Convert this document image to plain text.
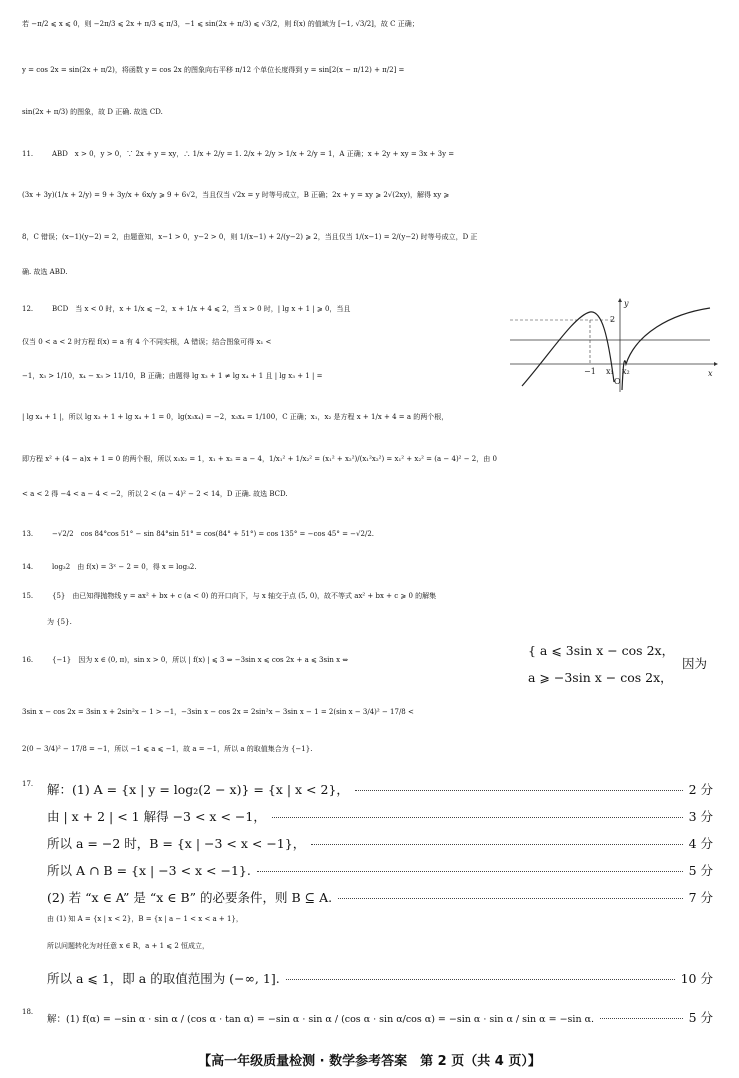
若 −π/2 ⩽ x ⩽ 0，则 −2π/3 ⩽ 2x + π/3 ⩽ π/3，−1 ⩽ sin(2x + π/3) ⩽ √3/2，则 f(x) 的值域为 [−1, √3/2]，故 C 正确；
y = cos 2x = sin(2x + π/2)，将函数 y = cos 2x 的图象向右平移 π/12 个单位长度得到 y = sin[2(x − π/12) + π/2] =
sin(2x + π/3) 的图象，故 D 正确. 故选 CD.
11.	ABD　x > 0，y > 0，∵ 2x + y = xy，∴ 1/x + 2/y = 1. 2/x + 2/y > 1/x + 2/y = 1，A 正确；x + 2y + xy = 3x + 3y =
(3x + 3y)(1/x + 2/y) = 9 + 3y/x + 6x/y ⩾ 9 + 6√2，当且仅当 √2x = y 时等号成立，B 正确；2x + y = xy ⩾ 2√(2xy)，解得 xy ⩾
8，C 错误；(x−1)(y−2) = 2，由题意知，x−1 > 0，y−2 > 0，则 1/(x−1) + 2/(y−2) ⩾ 2，当且仅当 1/(x−1) = 2/(y−2) 时等号成立，D 正
确. 故选 ABD.
12.	BCD　当 x < 0 时，x + 1/x ⩽ −2，x + 1/x + 4 ⩽ 2，当 x > 0 时，| lg x + 1 | ⩾ 0，当且
仅当 0 < a < 2 时方程 f(x) = a 有 4 个不同实根，A 错误；结合图象可得 x₁ <
−1，x₃ > 1/10，x₄ − x₃ > 11/10，B 正确；由题得 lg x₃ + 1 ≠ lg x₄ + 1 且 | lg x₃ + 1 | =
| lg x₄ + 1 |，所以 lg x₃ + 1 + lg x₄ + 1 = 0，lg(x₃x₄) = −2，x₃x₄ = 1/100，C 正确；x₁，x₂ 是方程 x + 1/x + 4 = a 的两个根，
即方程 x² + (4 − a)x + 1 = 0 的两个根，所以 x₁x₂ = 1，x₁ + x₂ = a − 4，1/x₁² + 1/x₂² = (x₁² + x₂²)/(x₁²x₂²) = x₁² + x₂² = (a − 4)² − 2，由 0
< a < 2 得 −4 < a − 4 < −2，所以 2 < (a − 4)² − 2 < 14，D 正确. 故选 BCD.
−1 x₁ x₂
O
2
y
x
13.	−√2/2　cos 84°cos 51° − sin 84°sin 51° = cos(84° + 51°) = cos 135° = −cos 45° = −√2/2.
14.	log₃2　由 f(x) = 3ˣ − 2 = 0，得 x = log₃2.
15.	{5}　由已知得抛物线 y = ax² + bx + c (a < 0) 的开口向下，与 x 轴交于点 (5, 0)，故不等式 ax² + bx + c ⩾ 0 的解集
为 {5}.
16.	{−1}　因为 x ∈ (0, π)，sin x > 0，所以 | f(x) | ⩽ 3 ⇔ −3sin x ⩽ cos 2x + a ⩽ 3sin x ⇔
{ a ⩽ 3sin x − cos 2x，
a ⩾ −3sin x − cos 2x，
因为
3sin x − cos 2x = 3sin x + 2sin²x − 1 > −1，−3sin x − cos 2x = 2sin²x − 3sin x − 1 = 2(sin x − 3/4)² − 17/8 <
2(0 − 3/4)² − 17/8 = −1，所以 −1 ⩽ a ⩽ −1，故 a = −1，所以 a 的取值集合为 {−1}.
17.	解：(1) A = {x | y = log₂(2 − x)} = {x | x < 2}，	2 分
由 | x + 2 | < 1 解得 −3 < x < −1，	3 分
所以 a = −2 时，B = {x | −3 < x < −1}，	4 分
所以 A ∩ B = {x | −3 < x < −1}.	5 分
(2) 若 “x ∈ A” 是 “x ∈ B” 的必要条件，则 B ⊆ A.	7 分
由 (1) 知 A = {x | x < 2}，B = {x | a − 1 < x < a + 1}，
所以问题转化为对任意 x ∈ R，a + 1 ⩽ 2 恒成立，
所以 a ⩽ 1，即 a 的取值范围为 (−∞, 1].	10 分
18.
解：(1) f(α) = −sin α · sin α / (cos α · tan α) = −sin α · sin α / (cos α · sin α/cos α) = −sin α · sin α / sin α = −sin α.	5 分
【高一年级质量检测 · 数学参考答案　第 2 页（共 4 页）】
